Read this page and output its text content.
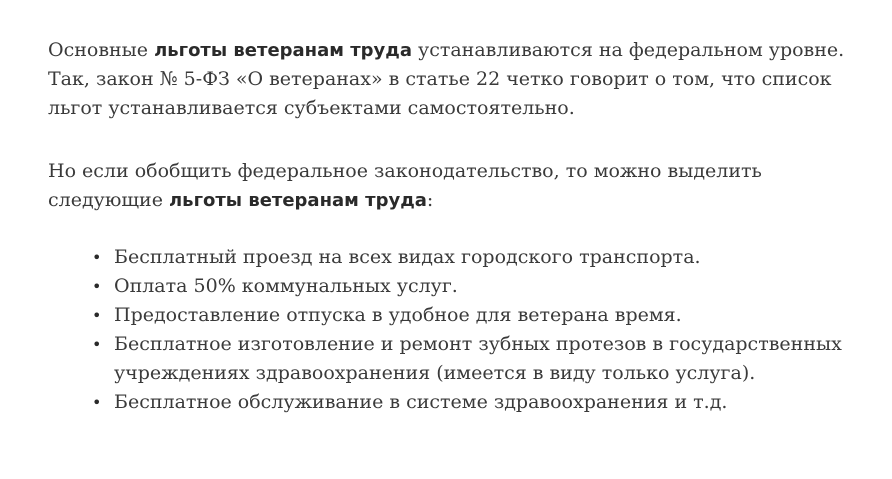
Основные льготы ветеранам труда устанавливаются на федеральном уровне. Так, закон № 5-ФЗ «О ветеранах» в статье 22 четко говорит о том, что список льгот устанавливается субъектами самостоятельно.

Но если обобщить федеральное законодательство, то можно выделить следующие льготы ветеранам труда:

• Бесплатный проезд на всех видах городского транспорта.
• Оплата 50% коммунальных услуг.
• Предоставление отпуска в удобное для ветерана время.
• Бесплатное изготовление и ремонт зубных протезов в государственных учреждениях здравоохранения (имеется в виду только услуга).
• Бесплатное обслуживание в системе здравоохранения и т.д.
